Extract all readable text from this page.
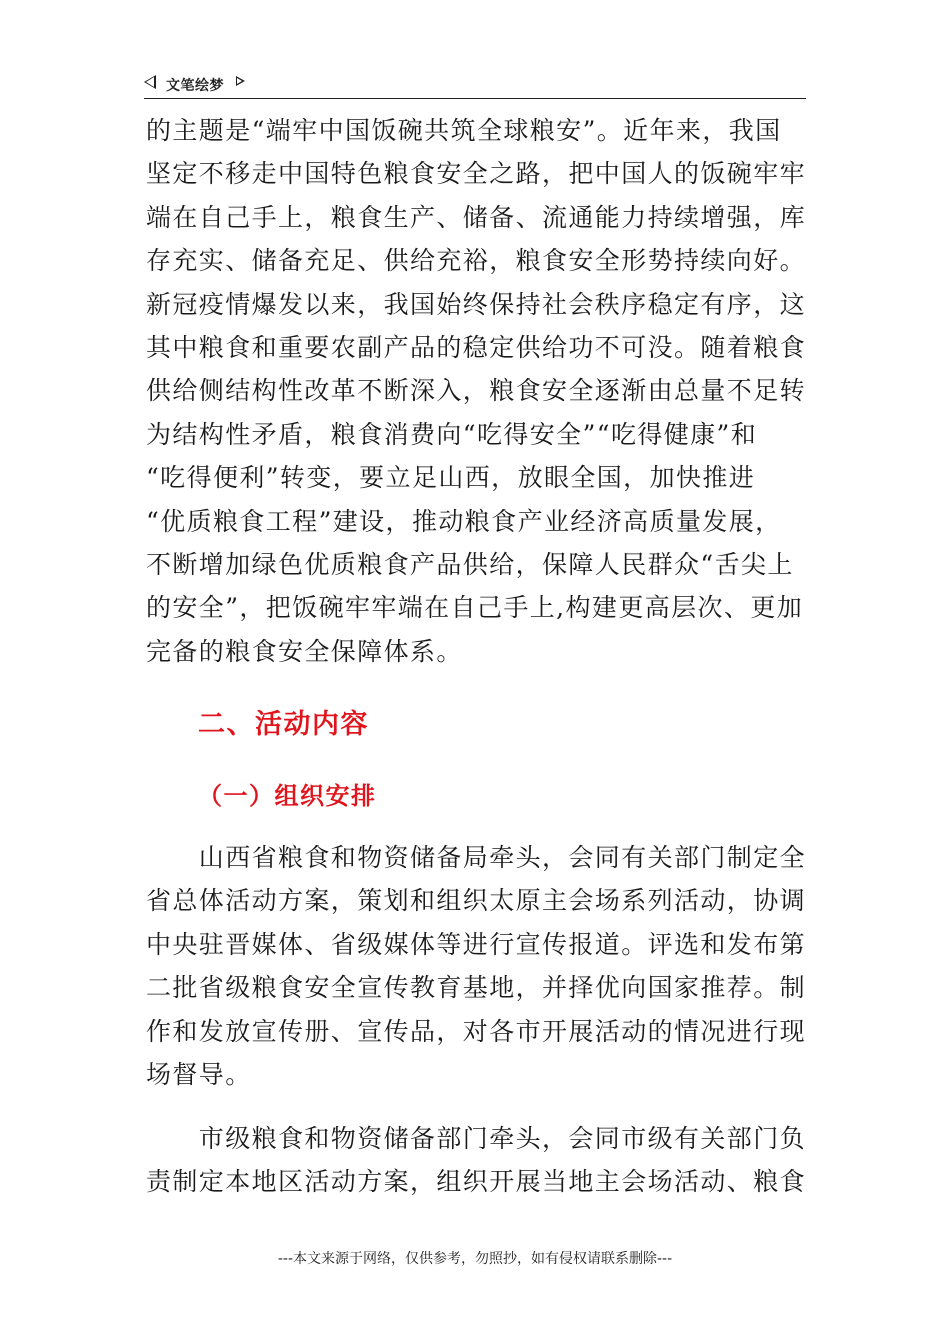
文笔绘梦
的主题是“端牢中国饭碗共筑全球粮安”。近年来，我国
坚定不移走中国特色粮食安全之路，把中国人的饭碗牢牢
端在自己手上，粮食生产、储备、流通能力持续增强，库
存充实、储备充足、供给充裕，粮食安全形势持续向好。
新冠疫情爆发以来，我国始终保持社会秩序稳定有序，这
其中粮食和重要农副产品的稳定供给功不可没。随着粮食
供给侧结构性改革不断深入，粮食安全逐渐由总量不足转
为结构性矛盾，粮食消费向“吃得安全”“吃得健康”和
“吃得便利”转变，要立足山西，放眼全国，加快推进
“优质粮食工程”建设，推动粮食产业经济高质量发展，
不断增加绿色优质粮食产品供给，保障人民群众“舌尖上
的安全”，把饭碗牢牢端在自己手上,构建更高层次、更加
完备的粮食安全保障体系。
二、活动内容
（一）组织安排
　　山西省粮食和物资储备局牵头，会同有关部门制定全
省总体活动方案，策划和组织太原主会场系列活动，协调
中央驻晋媒体、省级媒体等进行宣传报道。评选和发布第
二批省级粮食安全宣传教育基地，并择优向国家推荐。制
作和发放宣传册、宣传品，对各市开展活动的情况进行现
场督导。
　　市级粮食和物资储备部门牵头，会同市级有关部门负
责制定本地区活动方案，组织开展当地主会场活动、粮食
---本文来源于网络，仅供参考，勿照抄，如有侵权请联系删除---
